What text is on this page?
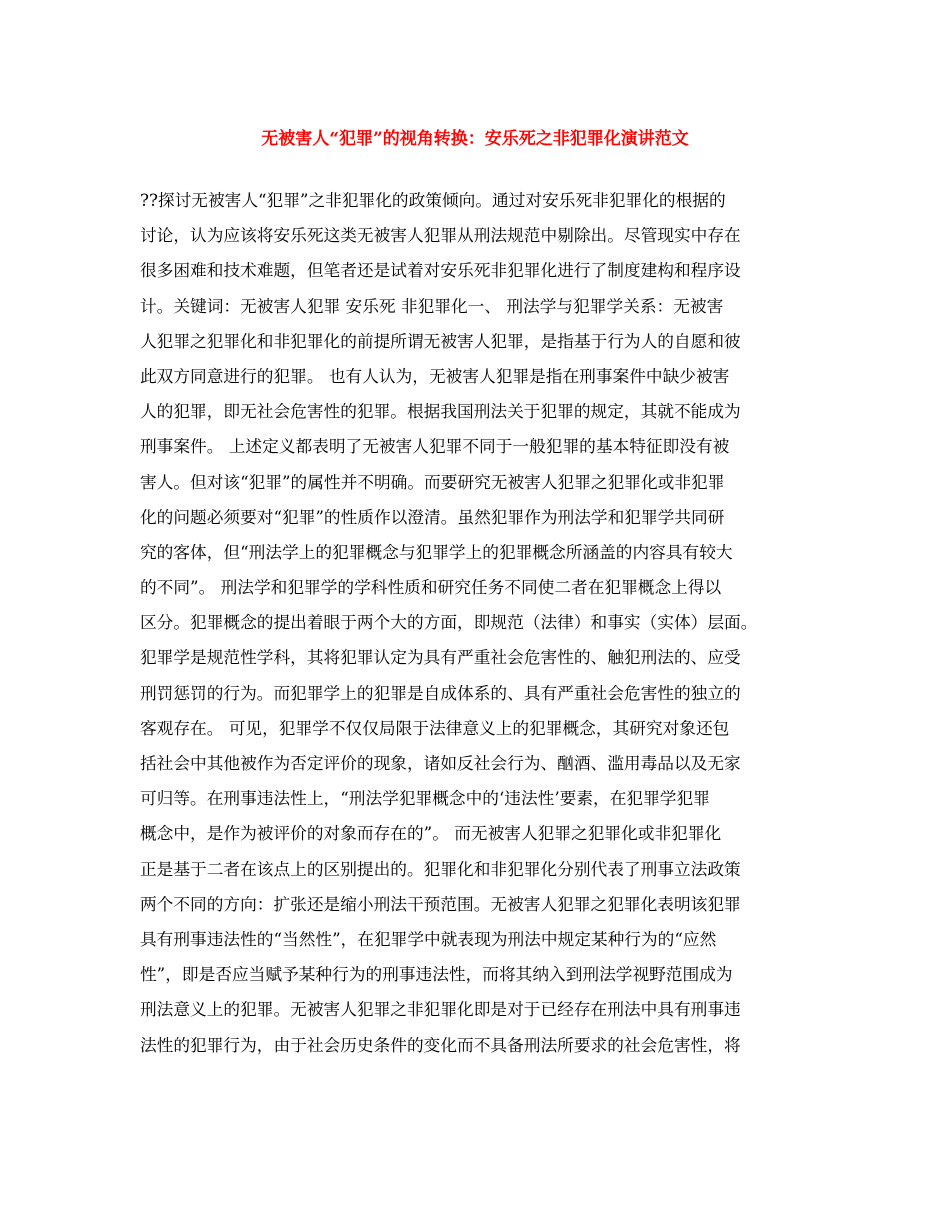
无被害人“犯罪”的视角转换：安乐死之非犯罪化演讲范文
??探讨无被害人“犯罪”之非犯罪化的政策倾向。通过对安乐死非犯罪化的根据的
讨论，认为应该将安乐死这类无被害人犯罪从刑法规范中剔除出。尽管现实中存在
很多困难和技术难题，但笔者还是试着对安乐死非犯罪化进行了制度建构和程序设
计。关键词：无被害人犯罪 安乐死 非犯罪化一、 刑法学与犯罪学关系：无被害
人犯罪之犯罪化和非犯罪化的前提所谓无被害人犯罪，是指基于行为人的自愿和彼
此双方同意进行的犯罪。 也有人认为，无被害人犯罪是指在刑事案件中缺少被害
人的犯罪，即无社会危害性的犯罪。根据我国刑法关于犯罪的规定，其就不能成为
刑事案件。 上述定义都表明了无被害人犯罪不同于一般犯罪的基本特征即没有被
害人。但对该“犯罪”的属性并不明确。而要研究无被害人犯罪之犯罪化或非犯罪
化的问题必须要对“犯罪”的性质作以澄清。虽然犯罪作为刑法学和犯罪学共同研
究的客体，但“刑法学上的犯罪概念与犯罪学上的犯罪概念所涵盖的内容具有较大
的不同”。 刑法学和犯罪学的学科性质和研究任务不同使二者在犯罪概念上得以
区分。犯罪概念的提出着眼于两个大的方面，即规范（法律）和事实（实体）层面。
犯罪学是规范性学科，其将犯罪认定为具有严重社会危害性的、触犯刑法的、应受
刑罚惩罚的行为。而犯罪学上的犯罪是自成体系的、具有严重社会危害性的独立的
客观存在。 可见，犯罪学不仅仅局限于法律意义上的犯罪概念，其研究对象还包
括社会中其他被作为否定评价的现象，诸如反社会行为、酗酒、滥用毒品以及无家
可归等。在刑事违法性上，“刑法学犯罪概念中的‘违法性’要素，在犯罪学犯罪
概念中，是作为被评价的对象而存在的”。 而无被害人犯罪之犯罪化或非犯罪化
正是基于二者在该点上的区别提出的。犯罪化和非犯罪化分别代表了刑事立法政策
两个不同的方向：扩张还是缩小刑法干预范围。无被害人犯罪之犯罪化表明该犯罪
具有刑事违法性的“当然性”，在犯罪学中就表现为刑法中规定某种行为的“应然
性”，即是否应当赋予某种行为的刑事违法性，而将其纳入到刑法学视野范围成为
刑法意义上的犯罪。无被害人犯罪之非犯罪化即是对于已经存在刑法中具有刑事违
法性的犯罪行为，由于社会历史条件的变化而不具备刑法所要求的社会危害性，将
